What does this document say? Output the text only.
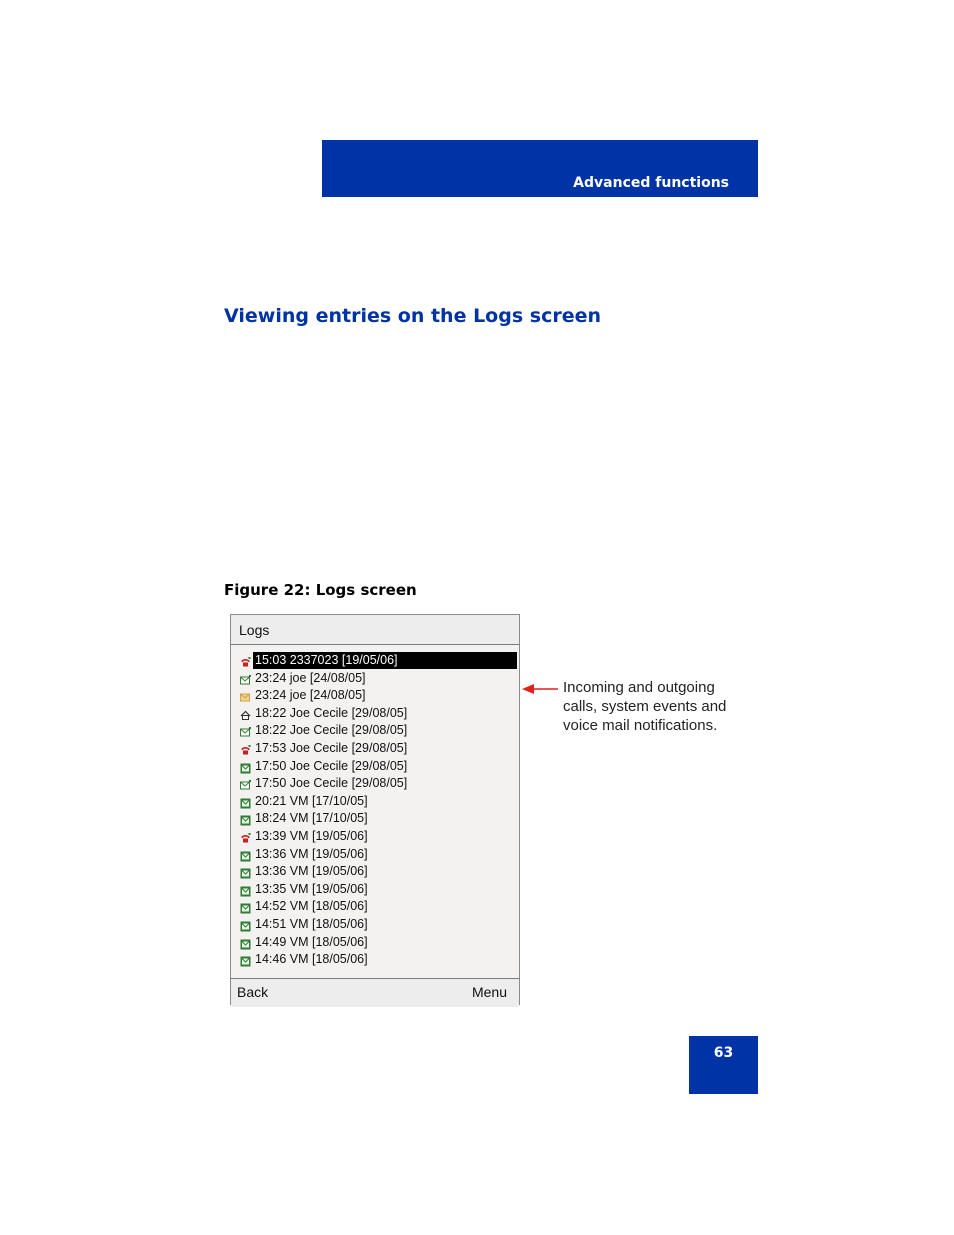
Advanced functions
Viewing entries on the Logs screen
Figure 22: Logs screen
Logs
15:03 2337023 [19/05/06]
23:24 joe [24/08/05]
23:24 joe [24/08/05]
18:22 Joe Cecile [29/08/05]
18:22 Joe Cecile [29/08/05]
17:53 Joe Cecile [29/08/05]
17:50 Joe Cecile [29/08/05]
17:50 Joe Cecile [29/08/05]
20:21 VM [17/10/05]
18:24 VM [17/10/05]
13:39 VM [19/05/06]
13:36 VM [19/05/06]
13:36 VM [19/05/06]
13:35 VM [19/05/06]
14:52 VM [18/05/06]
14:51 VM [18/05/06]
14:49 VM [18/05/06]
14:46 VM [18/05/06]
Back	Menu
Incoming and outgoing calls, system events and voice mail notifications.
63
